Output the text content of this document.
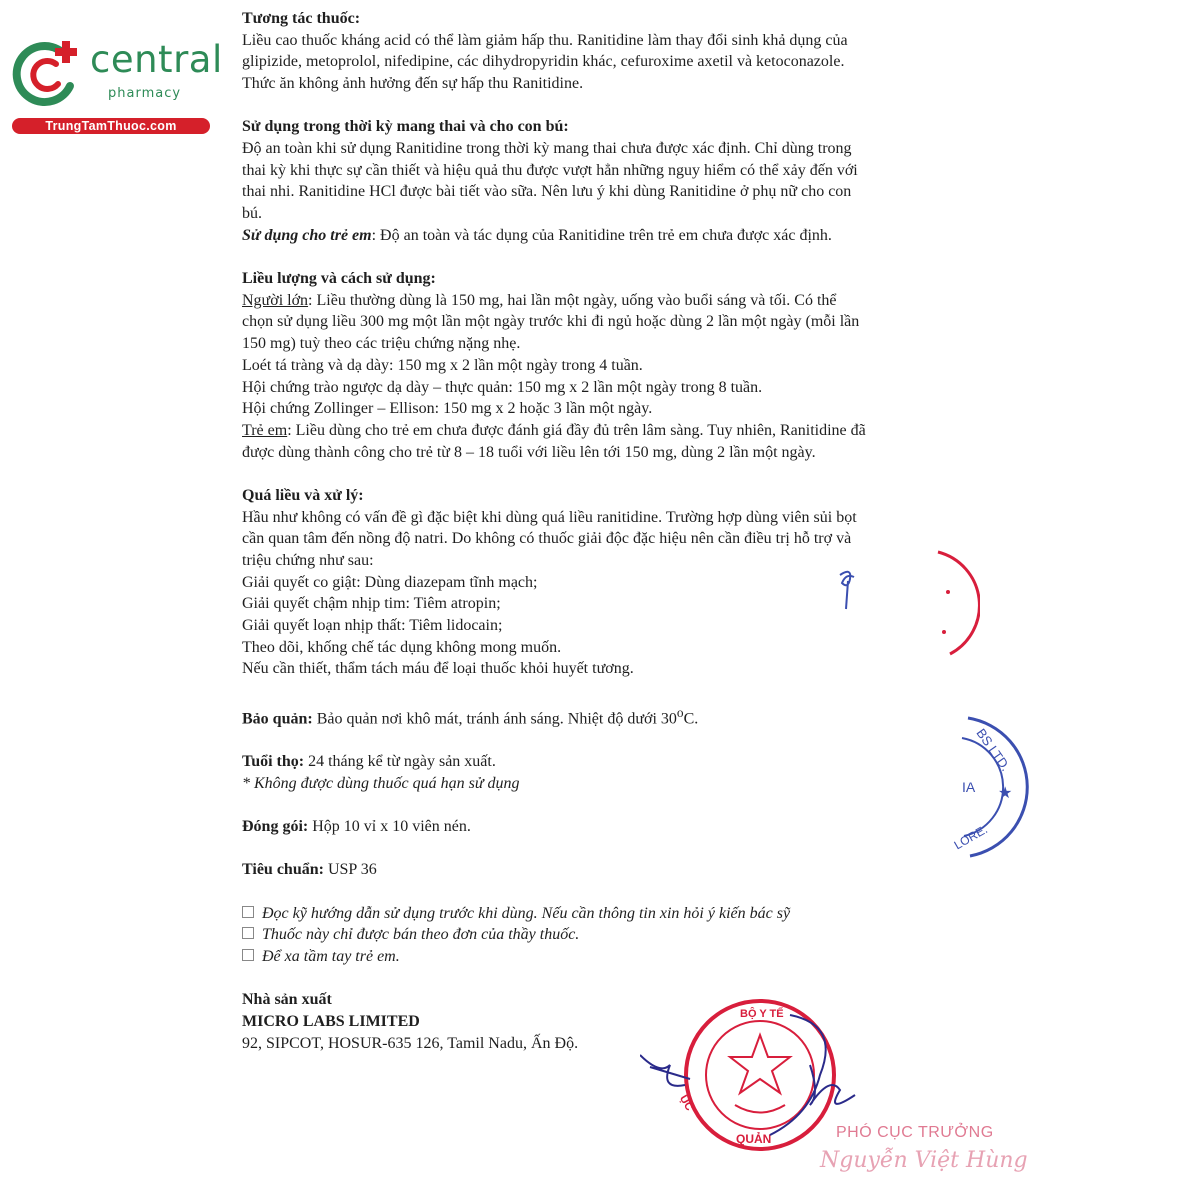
central
pharmacy
TrungTamThuoc.com

Tương tác thuốc:

Liều cao thuốc kháng acid có thể làm giảm hấp thu. Ranitidine làm thay đổi sinh khả dụng của

glipizide, metoprolol, nifedipine, các dihydropyridin khác, cefuroxime axetil và ketoconazole.

Thức ăn không ảnh hưởng đến sự hấp thu Ranitidine.

Sử dụng trong thời kỳ mang thai và cho con bú:

Độ an toàn khi sử dụng Ranitidine trong thời kỳ mang thai chưa được xác định. Chỉ dùng trong

thai kỳ khi thực sự cần thiết và hiệu quả thu được vượt hẳn những nguy hiểm có thể xảy đến với

thai nhi. Ranitidine HCl được bài tiết vào sữa. Nên lưu ý khi dùng Ranitidine ở phụ nữ cho con

bú.

Sử dụng cho trẻ em: Độ an toàn và tác dụng của Ranitidine trên trẻ em chưa được xác định.

Liều lượng và cách sử dụng:

Người lớn: Liều thường dùng là 150 mg, hai lần một ngày, uống vào buổi sáng và tối. Có thể

chọn sử dụng liều 300 mg một lần một ngày trước khi đi ngủ hoặc dùng 2 lần một ngày (mỗi lần

150 mg) tuỳ theo các triệu chứng nặng nhẹ.

Loét tá tràng và dạ dày: 150 mg x 2 lần một ngày trong 4 tuần.

Hội chứng trào ngược dạ dày – thực quản: 150 mg x 2 lần một ngày trong 8 tuần.

Hội chứng Zollinger – Ellison: 150 mg x 2 hoặc 3 lần một ngày.

Trẻ em: Liều dùng cho trẻ em chưa được đánh giá đầy đủ trên lâm sàng. Tuy nhiên, Ranitidine đã

được dùng thành công cho trẻ từ 8 – 18 tuổi với liều lên tới 150 mg, dùng 2 lần một ngày.

Quá liều và xử lý:

Hầu như không có vấn đề gì đặc biệt khi dùng quá liều ranitidine. Trường hợp dùng viên sủi bọt

cần quan tâm đến nồng độ natri. Do không có thuốc giải độc đặc hiệu nên cần điều trị hỗ trợ và

triệu chứng như sau:

Giải quyết co giật: Dùng diazepam tĩnh mạch;

Giải quyết chậm nhịp tim: Tiêm atropin;

Giải quyết loạn nhịp thất: Tiêm lidocain;

Theo dõi, khống chế tác dụng không mong muốn.

Nếu cần thiết, thẩm tách máu để loại thuốc khỏi huyết tương.

Bảo quản: Bảo quản nơi khô mát, tránh ánh sáng. Nhiệt độ dưới 30$^o$C.

Tuổi thọ: 24 tháng kể từ ngày sản xuất.

* Không được dùng thuốc quá hạn sử dụng

Đóng gói: Hộp 10 vỉ x 10 viên nén.

Tiêu chuẩn: USP 36

Đọc kỹ hướng dẫn sử dụng trước khi dùng. Nếu cần thông tin xin hỏi ý kiến bác sỹ

Thuốc này chỉ được bán theo đơn của thầy thuốc.

Để xa tầm tay trẻ em.

Nhà sản xuất

MICRO LABS LIMITED

92, SIPCOT, HOSUR-635 126, Tamil Nadu, Ấn Độ.

★
BS LTD.
IA
LORE.
BỘ Y TẾ
QUẢN
ỤC
PHÓ CỤC TRƯỞNG
Nguyễn Việt Hùng
